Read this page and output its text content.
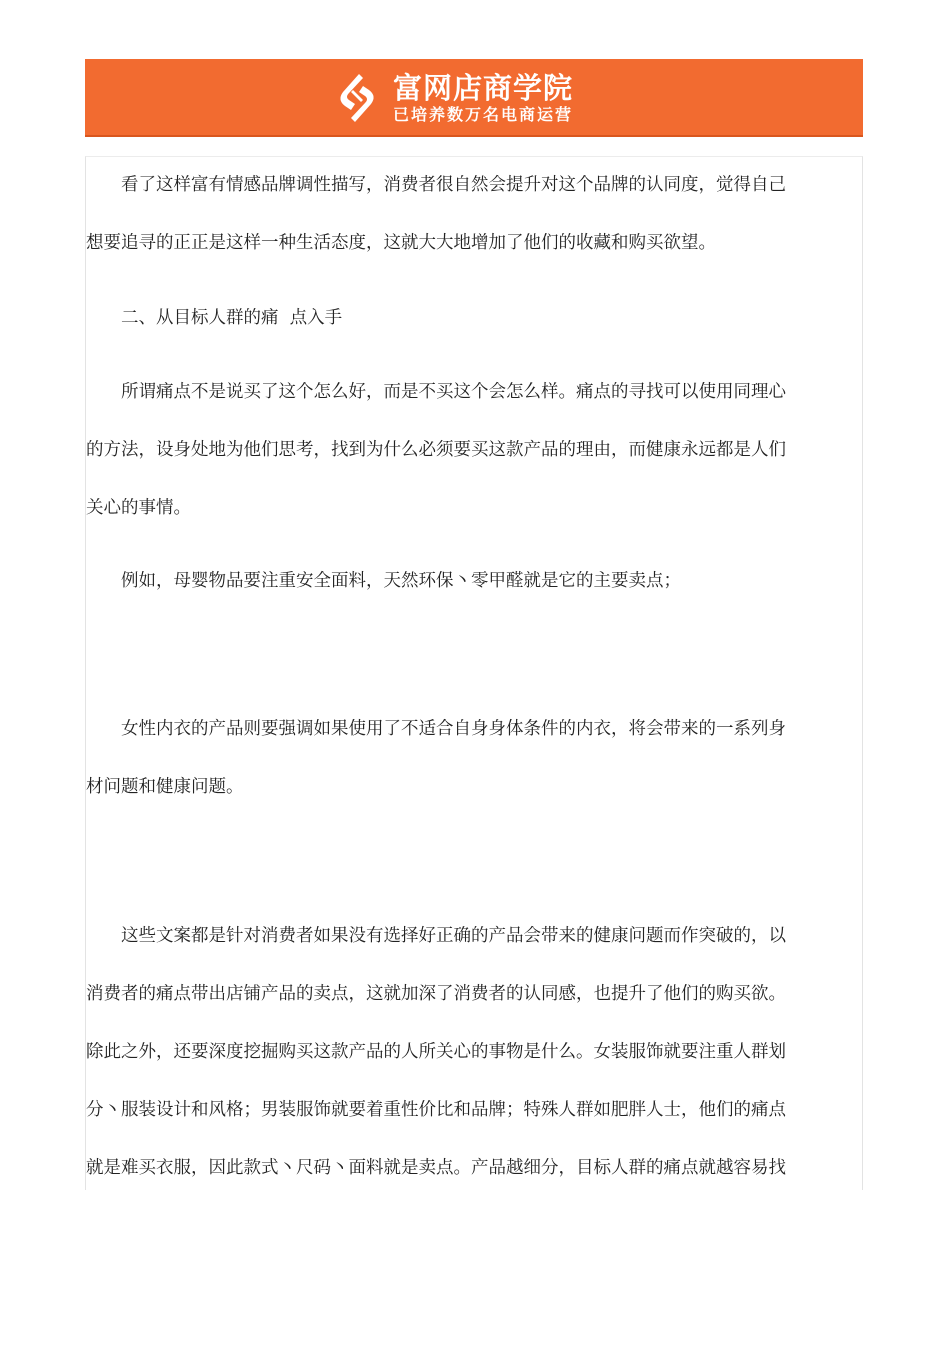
富网店商学院
已培养数万名电商运营
看了这样富有情感品牌调性描写，消费者很自然会提升对这个品牌的认同度，觉得自己
想要追寻的正正是这样一种生活态度，这就大大地增加了他们的收藏和购买欲望。
二、从目标人群的痛  点入手
所谓痛点不是说买了这个怎么好，而是不买这个会怎么样。痛点的寻找可以使用同理心
的方法，设身处地为他们思考，找到为什么必须要买这款产品的理由，而健康永远都是人们
关心的事情。
例如，母婴物品要注重安全面料，天然环保丶零甲醛就是它的主要卖点；
女性内衣的产品则要强调如果使用了不适合自身身体条件的内衣，将会带来的一系列身
材问题和健康问题。
这些文案都是针对消费者如果没有选择好正确的产品会带来的健康问题而作突破的，以
消费者的痛点带出店铺产品的卖点，这就加深了消费者的认同感，也提升了他们的购买欲。
除此之外，还要深度挖掘购买这款产品的人所关心的事物是什么。女装服饰就要注重人群划
分丶服装设计和风格；男装服饰就要着重性价比和品牌；特殊人群如肥胖人士，他们的痛点
就是难买衣服，因此款式丶尺码丶面料就是卖点。产品越细分，目标人群的痛点就越容易找
